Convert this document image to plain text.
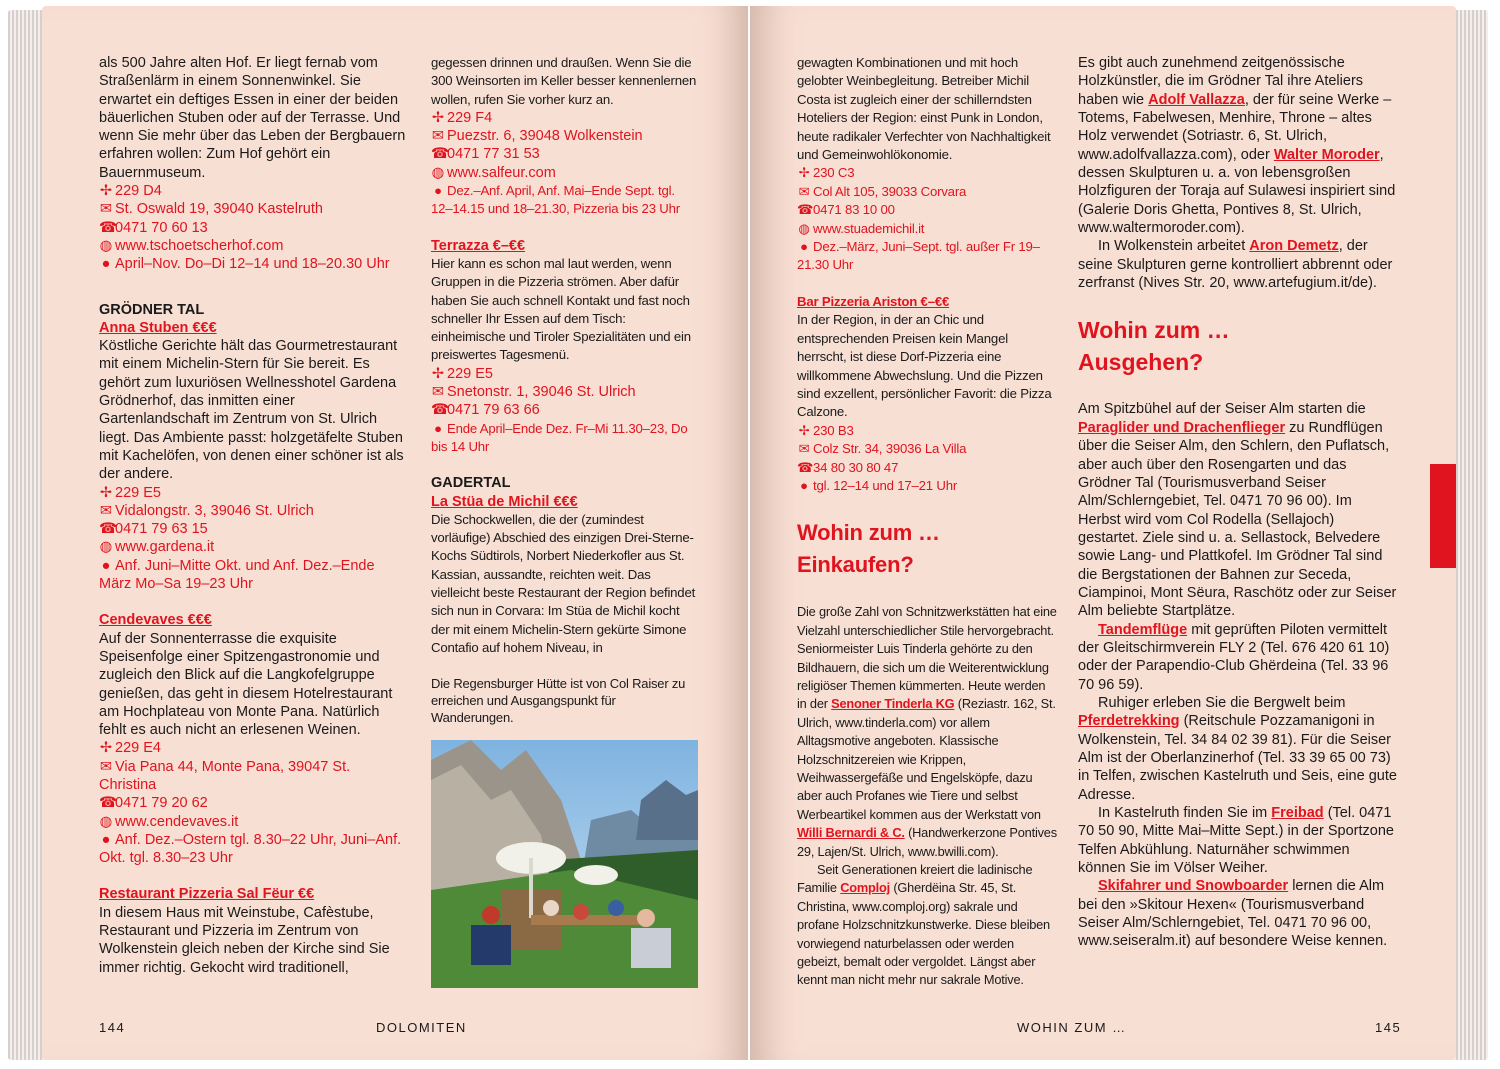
als 500 Jahre alten Hof. Er liegt fernab vom Straßenlärm in einem Sonnenwinkel. Sie erwartet ein deftiges Essen in einer der beiden bäuerlichen Stuben oder auf der Terrasse. Und wenn Sie mehr über das Leben der Bergbauern erfahren wollen: Zum Hof gehört ein Bauernmuseum.

✢ 229 D4
✉ St. Oswald 19, 39040 Kastelruth
☎0471 70 60 13
◍ www.tschoetscherhof.com
● April–Nov. Do–Di 12–14 und 18–20.30 Uhr

GRÖDNER TAL

Anna Stuben €€€

Köstliche Gerichte hält das Gourmetrestaurant mit einem Michelin-Stern für Sie bereit. Es gehört zum luxuriösen Wellnesshotel Gardena Grödnerhof, das inmitten einer Gartenlandschaft im Zentrum von St. Ulrich liegt. Das Ambiente passt: holzgetäfelte Stuben mit Kachelöfen, von denen einer schöner ist als der andere.

✢ 229 E5
✉ Vidalongstr. 3, 39046 St. Ulrich
☎0471 79 63 15
◍ www.gardena.it
● Anf. Juni–Mitte Okt. und Anf. Dez.–Ende März Mo–Sa 19–23 Uhr
Cendevaves €€€

Auf der Sonnenterrasse die exquisite Speisenfolge einer Spitzengastronomie und zugleich den Blick auf die Langkofelgruppe genießen, das geht in diesem Hotelrestaurant am Hochplateau von Monte Pana. Natürlich fehlt es auch nicht an erlesenen Weinen.

✢ 229 E4
✉ Via Pana 44, Monte Pana, 39047 St. Christina
☎0471 79 20 62
◍ www.cendevaves.it
● Anf. Dez.–Ostern tgl. 8.30–22 Uhr, Juni–Anf. Okt. tgl. 8.30–23 Uhr
Restaurant Pizzeria Sal Fëur €€

In diesem Haus mit Weinstube, Cafèstube, Restaurant und Pizzeria im Zentrum von Wolkenstein gleich neben der Kirche sind Sie immer richtig. Gekocht wird traditionell,

gegessen drinnen und draußen. Wenn Sie die 300 Weinsorten im Keller besser kennenlernen wollen, rufen Sie vorher kurz an.

✢ 229 F4
✉ Puezstr. 6, 39048 Wolkenstein
☎0471 77 31 53
◍ www.salfeur.com
● Dez.–Anf. April, Anf. Mai–Ende Sept. tgl. 12–14.15 und 18–21.30, Pizzeria bis 23 Uhr
Terrazza €–€€

Hier kann es schon mal laut werden, wenn Gruppen in die Pizzeria strömen. Aber dafür haben Sie auch schnell Kontakt und fast noch schneller Ihr Essen auf dem Tisch: einheimische und Tiroler Spezialitäten und ein preiswertes Tagesmenü.

✢ 229 E5
✉ Snetonstr. 1, 39046 St. Ulrich
☎0471 79 63 66
● Ende April–Ende Dez. Fr–Mi 11.30–23, Do bis 14 Uhr

GADERTAL

La Stüa de Michil €€€

Die Schockwellen, die der (zumindest vorläufige) Abschied des einzigen Drei-Sterne-Kochs Südtirols, Norbert Niederkofler aus St. Kassian, aussandte, reichten weit. Das vielleicht beste Restaurant der Region befindet sich nun in Corvara: Im Stüa de Michil kocht der mit einem Michelin-Stern gekürte Simone Contafio auf hohem Niveau, in

Die Regensburger Hütte ist von Col Raiser zu erreichen und Ausgangspunkt für Wanderungen.

144	DOLOMITEN

gewagten Kombinationen und mit hoch gelobter Weinbegleitung. Betreiber Michil Costa ist zugleich einer der schillerndsten Hoteliers der Region: einst Punk in London, heute radikaler Verfechter von Nachhaltigkeit und Gemeinwohlökonomie.

✢ 230 C3
✉ Col Alt 105, 39033 Corvara
☎0471 83 10 00
◍ www.stuademichil.it
● Dez.–März, Juni–Sept. tgl. außer Fr 19–21.30 Uhr
Bar Pizzeria Ariston €–€€

In der Region, in der an Chic und entsprechenden Preisen kein Mangel herrscht, ist diese Dorf-Pizzeria eine willkommene Abwechslung. Und die Pizzen sind exzellent, persönlicher Favorit: die Pizza Calzone.

✢ 230 B3
✉ Colz Str. 34, 39036 La Villa
☎34 80 30 80 47
● tgl. 12–14 und 17–21 Uhr
Wohin zum … Einkaufen?

Die große Zahl von Schnitzwerkstätten hat eine Vielzahl unterschiedlicher Stile hervorgebracht. Seniormeister Luis Tinderla gehörte zu den Bildhauern, die sich um die Weiterentwicklung religiöser Themen kümmerten. Heute werden in der Senoner Tinderla KG (Reziastr. 162, St. Ulrich, www.tinderla.com) vor allem Alltagsmotive angeboten. Klassische Holzschnitzereien wie Krippen, Weihwassergefäße und Engelsköpfe, dazu aber auch Profanes wie Tiere und selbst Werbeartikel kommen aus der Werkstatt von Willi Bernardi & C. (Handwerkerzone Pontives 29, Lajen/St. Ulrich, www.bwilli.com).

Seit Generationen kreiert die ladinische Familie Comploj (Gherdëina Str. 45, St. Christina, www.comploj.org) sakrale und profane Holzschnitzkunstwerke. Diese bleiben vorwiegend naturbelassen oder werden gebeizt, bemalt oder vergoldet. Längst aber kennt man nicht mehr nur sakrale Motive.

Es gibt auch zunehmend zeitgenössische Holzkünstler, die im Grödner Tal ihre Ateliers haben wie Adolf Vallazza, der für seine Werke – Totems, Fabelwesen, Menhire, Throne – altes Holz verwendet (Sotriastr. 6, St. Ulrich, www.adolfvallazza.com), oder Walter Moroder, dessen Skulpturen u. a. von lebensgroßen Holzfiguren der Toraja auf Sulawesi inspiriert sind (Galerie Doris Ghetta, Pontives 8, St. Ulrich, www.waltermoroder.com).

In Wolkenstein arbeitet Aron Demetz, der seine Skulpturen gerne kontrolliert abbrennt oder zerfranst (Nives Str. 20, www.artefugium.it/de).

Wohin zum … Ausgehen?

Am Spitzbühel auf der Seiser Alm starten die Paraglider und Drachenflieger zu Rundflügen über die Seiser Alm, den Schlern, den Puflatsch, aber auch über den Rosengarten und das Grödner Tal (Tourismusverband Seiser Alm/Schlerngebiet, Tel. 0471 70 96 00). Im Herbst wird vom Col Rodella (Sellajoch) gestartet. Ziele sind u. a. Sellastock, Belvedere sowie Lang- und Plattkofel. Im Grödner Tal sind die Bergstationen der Bahnen zur Seceda, Ciampinoi, Mont Sëura, Raschötz oder zur Seiser Alm beliebte Startplätze.

Tandemflüge mit geprüften Piloten vermittelt der Gleitschirmverein FLY 2 (Tel. 676 420 61 10) oder der Parapendio-Club Ghërdeina (Tel. 33 96 70 96 59).

Ruhiger erleben Sie die Bergwelt beim Pferdetrekking (Reitschule Pozzamanigoni in Wolkenstein, Tel. 34 84 02 39 81). Für die Seiser Alm ist der Oberlanzinerhof (Tel. 33 39 65 00 73) in Telfen, zwischen Kastelruth und Seis, eine gute Adresse.

In Kastelruth finden Sie im Freibad (Tel. 0471 70 50 90, Mitte Mai–Mitte Sept.) in der Sportzone Telfen Abkühlung. Naturnäher schwimmen können Sie im Völser Weiher.

Skifahrer und Snowboarder lernen die Alm bei den »Skitour Hexen« (Tourismusverband Seiser Alm/Schlerngebiet, Tel. 0471 70 96 00, www.seiseralm.it) auf besondere Weise kennen.

WOHIN ZUM …	145
